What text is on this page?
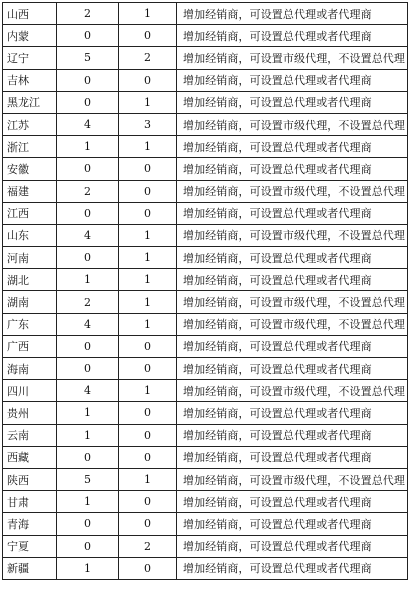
山西	2	1	增加经销商，可设置总代理或者代理商
内蒙	0	0	增加经销商，可设置总代理或者代理商
辽宁	5	2	增加经销商，可设置市级代理，不设置总代理
吉林	0	0	增加经销商，可设置总代理或者代理商
黑龙江	0	1	增加经销商，可设置总代理或者代理商
江苏	4	3	增加经销商，可设置市级代理，不设置总代理
浙江	1	1	增加经销商，可设置总代理或者代理商
安徽	0	0	增加经销商，可设置总代理或者代理商
福建	2	0	增加经销商，可设置市级代理，不设置总代理
江西	0	0	增加经销商，可设置总代理或者代理商
山东	4	1	增加经销商，可设置市级代理，不设置总代理
河南	0	1	增加经销商，可设置总代理或者代理商
湖北	1	1	增加经销商，可设置总代理或者代理商
湖南	2	1	增加经销商，可设置市级代理，不设置总代理
广东	4	1	增加经销商，可设置市级代理，不设置总代理
广西	0	0	增加经销商，可设置总代理或者代理商
海南	0	0	增加经销商，可设置总代理或者代理商
四川	4	1	增加经销商，可设置市级代理，不设置总代理
贵州	1	0	增加经销商，可设置总代理或者代理商
云南	1	0	增加经销商，可设置总代理或者代理商
西藏	0	0	增加经销商，可设置总代理或者代理商
陕西	5	1	增加经销商，可设置市级代理，不设置总代理
甘肃	1	0	增加经销商，可设置总代理或者代理商
青海	0	0	增加经销商，可设置总代理或者代理商
宁夏	0	2	增加经销商，可设置总代理或者代理商
新疆	1	0	增加经销商，可设置总代理或者代理商
